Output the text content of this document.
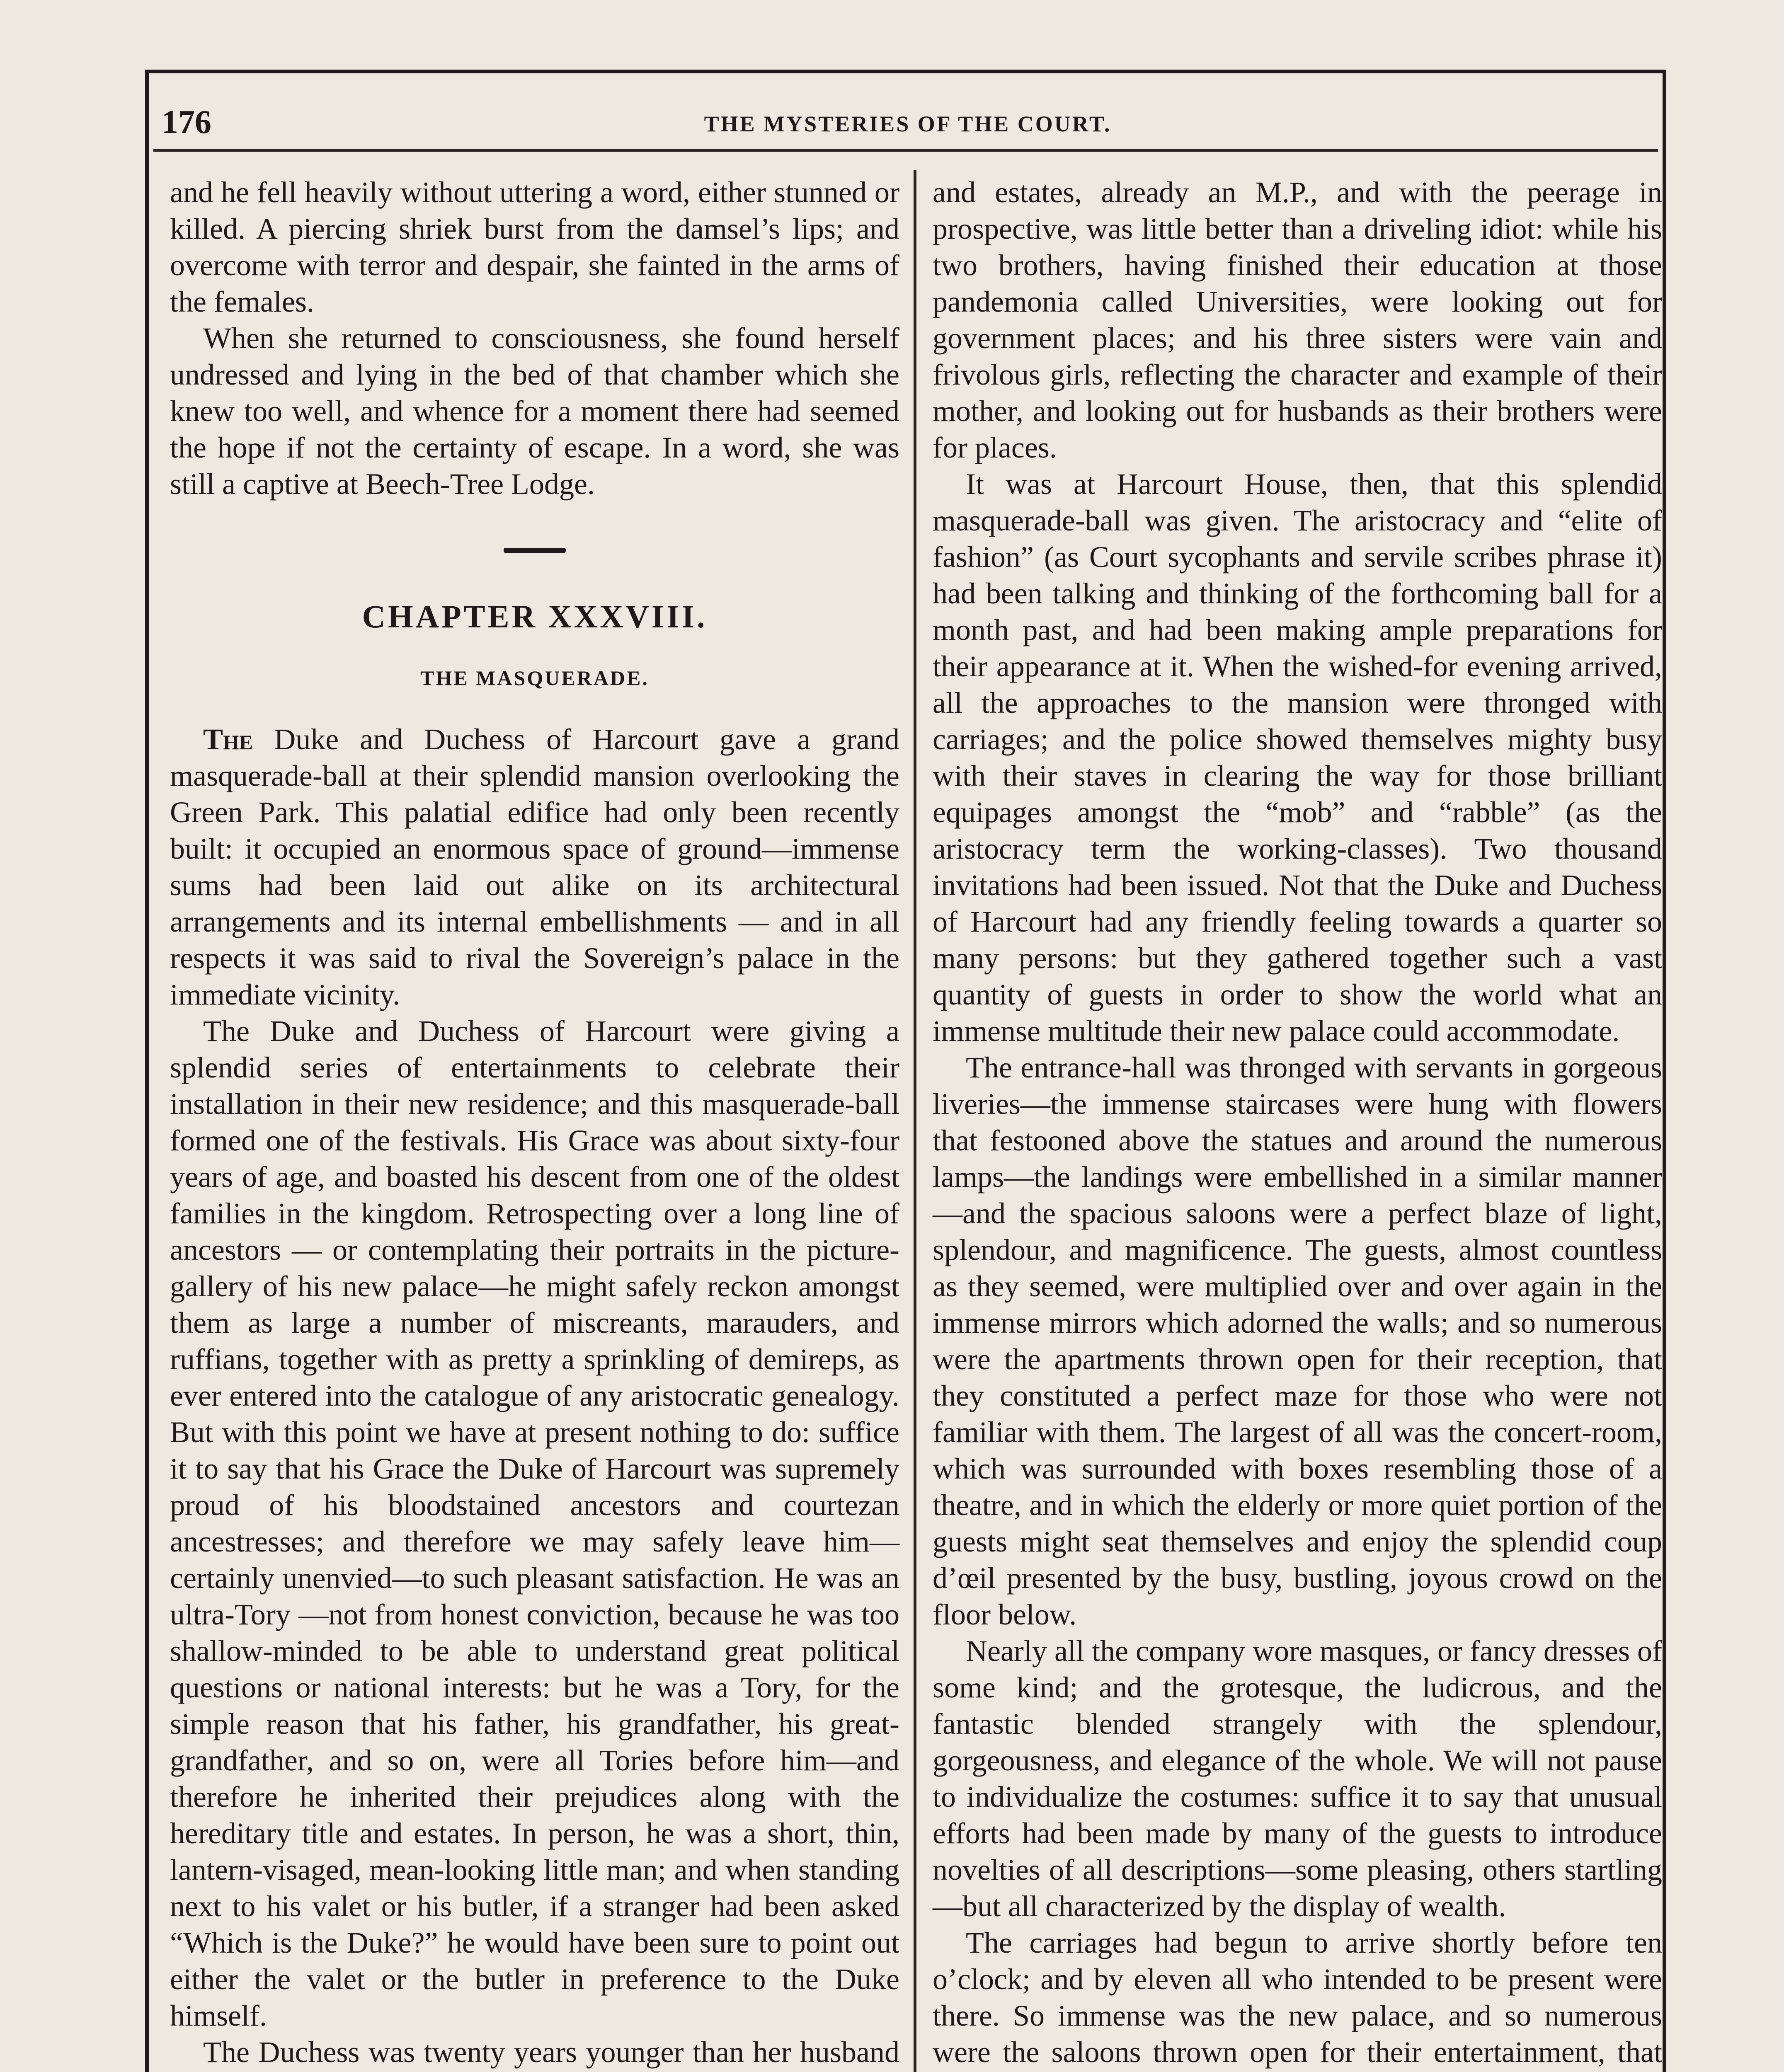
176	THE MYSTERIES OF THE COURT.

and he fell heavily without uttering a word, either stunned or killed. A piercing shriek burst from the damsel’s lips; and overcome with terror and despair, she fainted in the arms of the females.

When she returned to consciousness, she found herself undressed and lying in the bed of that chamber which she knew too well, and whence for a moment there had seemed the hope if not the certainty of escape. In a word, she was still a captive at Beech-Tree Lodge.

CHAPTER XXXVIII.
THE MASQUERADE.

The Duke and Duchess of Harcourt gave a grand masquerade-ball at their splendid mansion overlooking the Green Park. This palatial edifice had only been recently built: it occupied an enormous space of ground—immense sums had been laid out alike on its architectural arrangements and its internal embellishments — and in all respects it was said to rival the Sovereign’s palace in the immediate vicinity.

The Duke and Duchess of Harcourt were giving a splendid series of entertainments to celebrate their installation in their new residence; and this masquerade-ball formed one of the festivals. His Grace was about sixty-four years of age, and boasted his descent from one of the oldest families in the kingdom. Retrospecting over a long line of ancestors — or contemplating their portraits in the picture-gallery of his new palace—he might safely reckon amongst them as large a number of miscreants, marauders, and ruffians, together with as pretty a sprinkling of demireps, as ever entered into the catalogue of any aristocratic genealogy. But with this point we have at present nothing to do: suffice it to say that his Grace the Duke of Harcourt was supremely proud of his bloodstained ancestors and courtezan ancestresses; and therefore we may safely leave him—certainly unenvied—to such pleasant satisfaction. He was an ultra-Tory —not from honest conviction, because he was too shallow-minded to be able to understand great political questions or national interests: but he was a Tory, for the simple reason that his father, his grandfather, his great-grandfather, and so on, were all Tories before him—and therefore he inherited their prejudices along with the hereditary title and estates. In person, he was a short, thin, lantern-visaged, mean-looking little man; and when standing next to his valet or his butler, if a stranger had been asked “Which is the Duke?” he would have been sure to point out either the valet or the butler in preference to the Duke himself.

The Duchess was twenty years younger than her husband

and estates, already an M.P., and with the peerage in prospective, was little better than a driveling idiot: while his two brothers, having finished their education at those pandemonia called Universities, were looking out for government places; and his three sisters were vain and frivolous girls, reflecting the character and example of their mother, and looking out for husbands as their brothers were for places.

It was at Harcourt House, then, that this splendid masquerade-ball was given. The aristocracy and “elite of fashion” (as Court sycophants and servile scribes phrase it) had been talking and thinking of the forthcoming ball for a month past, and had been making ample preparations for their appearance at it. When the wished-for evening arrived, all the approaches to the mansion were thronged with carriages; and the police showed themselves mighty busy with their staves in clearing the way for those brilliant equipages amongst the “mob” and “rabble” (as the aristocracy term the working-classes). Two thousand invitations had been issued. Not that the Duke and Duchess of Harcourt had any friendly feeling towards a quarter so many persons: but they gathered together such a vast quantity of guests in order to show the world what an immense multitude their new palace could accommodate.

The entrance-hall was thronged with servants in gorgeous liveries—the immense staircases were hung with flowers that festooned above the statues and around the numerous lamps—the landings were embellished in a similar manner—and the spacious saloons were a perfect blaze of light, splendour, and magnificence. The guests, almost countless as they seemed, were multiplied over and over again in the immense mirrors which adorned the walls; and so numerous were the apartments thrown open for their reception, that they constituted a perfect maze for those who were not familiar with them. The largest of all was the concert-room, which was surrounded with boxes resembling those of a theatre, and in which the elderly or more quiet portion of the guests might seat themselves and enjoy the splendid coup d’œil presented by the busy, bustling, joyous crowd on the floor below.

Nearly all the company wore masques, or fancy dresses of some kind; and the grotesque, the ludicrous, and the fantastic blended strangely with the splendour, gorgeousness, and elegance of the whole. We will not pause to individualize the costumes: suffice it to say that unusual efforts had been made by many of the guests to introduce novelties of all descriptions—some pleasing, others startling—but all characterized by the display of wealth.

The carriages had begun to arrive shortly before ten o’clock; and by eleven all who intended to be present were there. So immense was the new palace, and so numerous were the saloons thrown open for their entertainment, that
